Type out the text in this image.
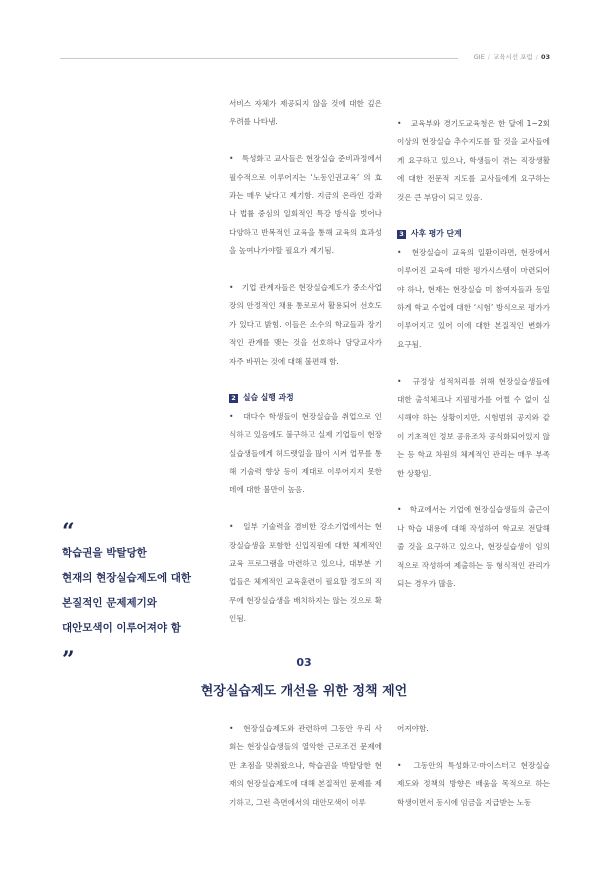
GIE / 교육시선 포럼 / 03

서비스 자체가 제공되지 않을 것에 대한 깊은 우려를 나타냄.

•　특성화고 교사들은 현장실습 준비과정에서 필수적으로 이루어지는 ‘노동인권교육’ 의 효과는 매우 낮다고 제기함. 지금의 온라인 강좌나 법률 중심의 일회적인 특강 방식을 벗어나 다양하고 반복적인 교육을 통해 교육의 효과성을 높여나가야할 필요가 제기됨.

•　기업 관계자들은 현장실습제도가 중소사업장의 안정적인 채용 통로로서 활용되어 선호도가 있다고 밝힘. 이들은 소수의 학교들과 장기적인 관계를 맺는 것을 선호하나 담당교사가 자주 바뀌는 것에 대해 불편해 함.

2 실습 실행 과정

•　대다수 학생들이 현장실습을 취업으로 인식하고 있음에도 불구하고 실제 기업들이 현장실습생들에게 허드렛일을 많이 시켜 업무를 통해 기술력 향상 등이 제대로 이루어지지 못한 데에 대한 불만이 높음.

•　일부 기술력을 겸비한 강소기업에서는 현장실습생을 포함한 신입직원에 대한 체계적인 교육 프로그램을 마련하고 있으나, 대부분 기업들은 체계적인 교육훈련이 필요할 정도의 직무에 현장실습생을 배치하지는 않는 것으로 확인됨.

•　교육부와 경기도교육청은 한 달에 1~2회 이상의 현장실습 추수지도를 할 것을 교사들에게 요구하고 있으나, 학생들이 겪는 직장생활에 대한 전문적 지도를 교사들에게 요구하는 것은 큰 부담이 되고 있음.

3 사후 평가 단계

•　현장실습이 교육의 일환이라면, 현장에서 이루어진 교육에 대한 평가시스템이 마련되어야 하나, 현재는 현장실습 미 참여자들과 동일하게 학교 수업에 대한 ‘시험’ 방식으로 평가가 이루어지고 있어 이에 대한 본질적인 변화가 요구됨.

•　규정상 성적처리를 위해 현장실습생들에 대한 출석체크나 지필평가를 어쩔 수 없이 실시해야 하는 상황이지만, 시험범위 공지와 같이 기초적인 정보 공유조차 공식화되어있지 않는 등 학교 차원의 체계적인 관리는 매우 부족한 상황임.

•　학교에서는 기업에 현장실습생들의 출근이나 학습 내용에 대해 작성하여 학교로 전달해 줄 것을 요구하고 있으나, 현장실습생이 임의적으로 작성하여 제출하는 등 형식적인 관리가 되는 경우가 많음.

“
학습권을 박탈당한
현재의 현장실습제도에 대한
본질적인 문제제기와
대안모색이 이루어져야 함
”	03
현장실습제도 개선을 위한 정책 제언

•　현장실습제도와 관련하여 그동안 우리 사회는 현장실습생들의 열악한 근로조건 문제에만 초점을 맞춰왔으나, 학습권을 박탈당한 현재의 현장실습제도에 대해 본질적인 문제를 제기하고, 그런 측면에서의 대안모색이 이루

어져야함.

•　그동안의 특성화고·마이스터고 현장실습 제도와 정책의 방향은 배움을 목적으로 하는 학생이면서 동시에 임금을 지급받는 노동
